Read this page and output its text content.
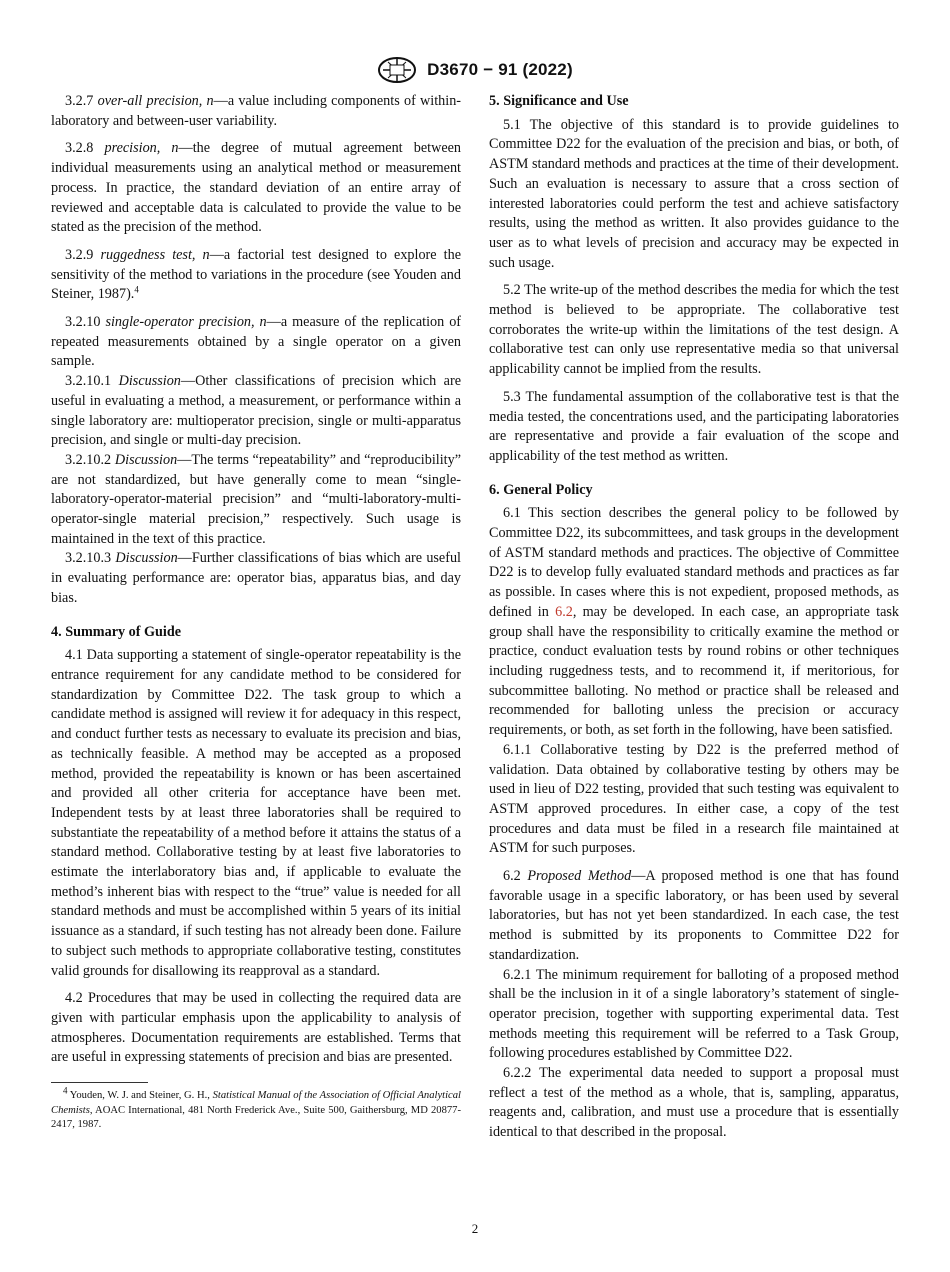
D3670 − 91 (2022)

3.2.7 over-all precision, n—a value including components of within-laboratory and between-user variability.

3.2.8 precision, n—the degree of mutual agreement between individual measurements using an analytical method or measurement process. In practice, the standard deviation of an entire array of reviewed and acceptable data is calculated to provide the value to be stated as the precision of the method.

3.2.9 ruggedness test, n—a factorial test designed to explore the sensitivity of the method to variations in the procedure (see Youden and Steiner, 1987).$^4$

3.2.10 single-operator precision, n—a measure of the replication of repeated measurements obtained by a single operator on a given sample.

3.2.10.1 Discussion—Other classifications of precision which are useful in evaluating a method, a measurement, or performance within a single laboratory are: multioperator precision, single or multi-apparatus precision, and single or multi-day precision.

3.2.10.2 Discussion—The terms “repeatability” and “reproducibility” are not standardized, but have generally come to mean “single-laboratory-operator-material precision” and “multi-laboratory-multi-operator-single material precision,” respectively. Such usage is maintained in the text of this practice.

3.2.10.3 Discussion—Further classifications of bias which are useful in evaluating performance are: operator bias, apparatus bias, and day bias.

4. Summary of Guide

4.1 Data supporting a statement of single-operator repeatability is the entrance requirement for any candidate method to be considered for standardization by Committee D22. The task group to which a candidate method is assigned will review it for adequacy in this respect, and conduct further tests as necessary to evaluate its precision and bias, as technically feasible. A method may be accepted as a proposed method, provided the repeatability is known or has been ascertained and provided all other criteria for acceptance have been met. Independent tests by at least three laboratories shall be required to substantiate the repeatability of a method before it attains the status of a standard method. Collaborative testing by at least five laboratories to estimate the interlaboratory bias and, if applicable to evaluate the method’s inherent bias with respect to the “true” value is needed for all standard methods and must be accomplished within 5 years of its initial issuance as a standard, if such testing has not already been done. Failure to subject such methods to appropriate collaborative testing, constitutes valid grounds for disallowing its reapproval as a standard.

4.2 Procedures that may be used in collecting the required data are given with particular emphasis upon the applicability to analysis of atmospheres. Documentation requirements are established. Terms that are useful in expressing statements of precision and bias are presented.

$^4$ Youden, W. J. and Steiner, G. H., Statistical Manual of the Association of Official Analytical Chemists, AOAC International, 481 North Frederick Ave., Suite 500, Gaithersburg, MD 20877-2417, 1987.

5. Significance and Use

5.1 The objective of this standard is to provide guidelines to Committee D22 for the evaluation of the precision and bias, or both, of ASTM standard methods and practices at the time of their development. Such an evaluation is necessary to assure that a cross section of interested laboratories could perform the test and achieve satisfactory results, using the method as written. It also provides guidance to the user as to what levels of precision and accuracy may be expected in such usage.

5.2 The write-up of the method describes the media for which the test method is believed to be appropriate. The collaborative test corroborates the write-up within the limitations of the test design. A collaborative test can only use representative media so that universal applicability cannot be implied from the results.

5.3 The fundamental assumption of the collaborative test is that the media tested, the concentrations used, and the participating laboratories are representative and provide a fair evaluation of the scope and applicability of the test method as written.

6. General Policy

6.1 This section describes the general policy to be followed by Committee D22, its subcommittees, and task groups in the development of ASTM standard methods and practices. The objective of Committee D22 is to develop fully evaluated standard methods and practices as far as possible. In cases where this is not expedient, proposed methods, as defined in 6.2, may be developed. In each case, an appropriate task group shall have the responsibility to critically examine the method or practice, conduct evaluation tests by round robins or other techniques including ruggedness tests, and to recommend it, if meritorious, for subcommittee balloting. No method or practice shall be released and recommended for balloting unless the precision or accuracy requirements, or both, as set forth in the following, have been satisfied.

6.1.1 Collaborative testing by D22 is the preferred method of validation. Data obtained by collaborative testing by others may be used in lieu of D22 testing, provided that such testing was equivalent to ASTM approved procedures. In either case, a copy of the test procedures and data must be filed in a research file maintained at ASTM for such purposes.

6.2 Proposed Method—A proposed method is one that has found favorable usage in a specific laboratory, or has been used by several laboratories, but has not yet been standardized. In each case, the test method is submitted by its proponents to Committee D22 for standardization.

6.2.1 The minimum requirement for balloting of a proposed method shall be the inclusion in it of a single laboratory’s statement of single-operator precision, together with supporting experimental data. Test methods meeting this requirement will be referred to a Task Group, following procedures established by Committee D22.

6.2.2 The experimental data needed to support a proposal must reflect a test of the method as a whole, that is, sampling, apparatus, reagents and, calibration, and must use a procedure that is essentially identical to that described in the proposal.

2
